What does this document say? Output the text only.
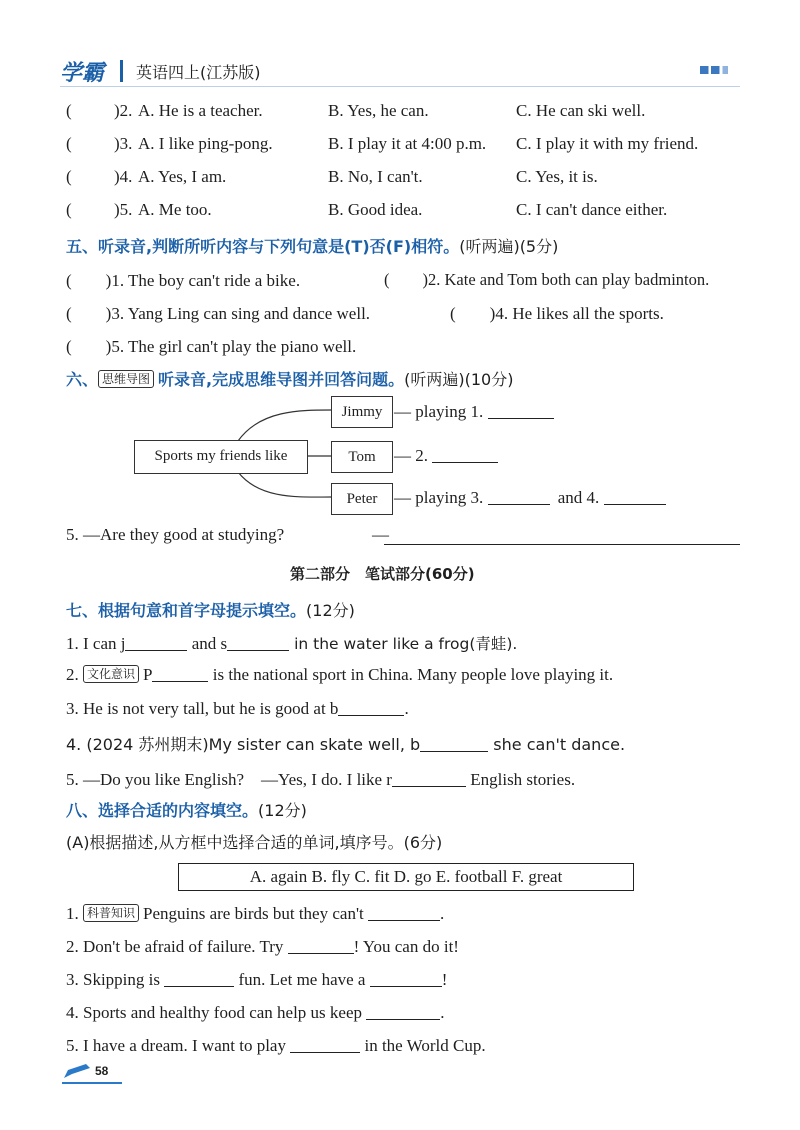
学霸 英语四上(江苏版)
( )2. A. He is a teacher.	B. Yes, he can.	C. He can ski well.
( )3. A. I like ping-pong.	B. I play it at 4:00 p.m. C. I play it with my friend.
( )4. A. Yes, I am.	B. No, I can't.	C. Yes, it is.
( )5. A. Me too.	B. Good idea.	C. I can't dance either.
五、听录音,判断所听内容与下列句意是(T)否(F)相符。(听两遍)(5分)
(　　)1. The boy can't ride a bike.	(　　)2. Kate and Tom both can play badminton.
(　　)3. Yang Ling can sing and dance well.	(　　)4. He likes all the sports.
(　　)5. The girl can't play the piano well.
六、 思维导图 听录音,完成思维导图并回答问题。(听两遍)(10分)
Sports my friends like
Jimmy
Tom
Peter
— playing 1.
— 2.
— playing 3.	and 4.
5. —Are they good at studying?	—
第二部分　笔试部分(60分)
七、根据句意和首字母提示填空。(12分)
1. I can j	and s	in the water like a frog(青蛙).
2. 文化意识 P	is the national sport in China. Many people love playing it.
3. He is not very tall, but he is good at b	.
4. (2024 苏州期末)My sister can skate well, b	she can't dance.
5. —Do you like English?　—Yes, I do. I like r	English stories.
八、选择合适的内容填空。(12分)
(A)根据描述,从方框中选择合适的单词,填序号。(6分)
A. again B. fly C. fit D. go E. football F. great
1. 科普知识 Penguins are birds but they can't	.
2. Don't be afraid of failure. Try	! You can do it!
3. Skipping is	fun. Let me have a	!
4. Sports and healthy food can help us keep	.
5. I have a dream. I want to play	in the World Cup.
58
